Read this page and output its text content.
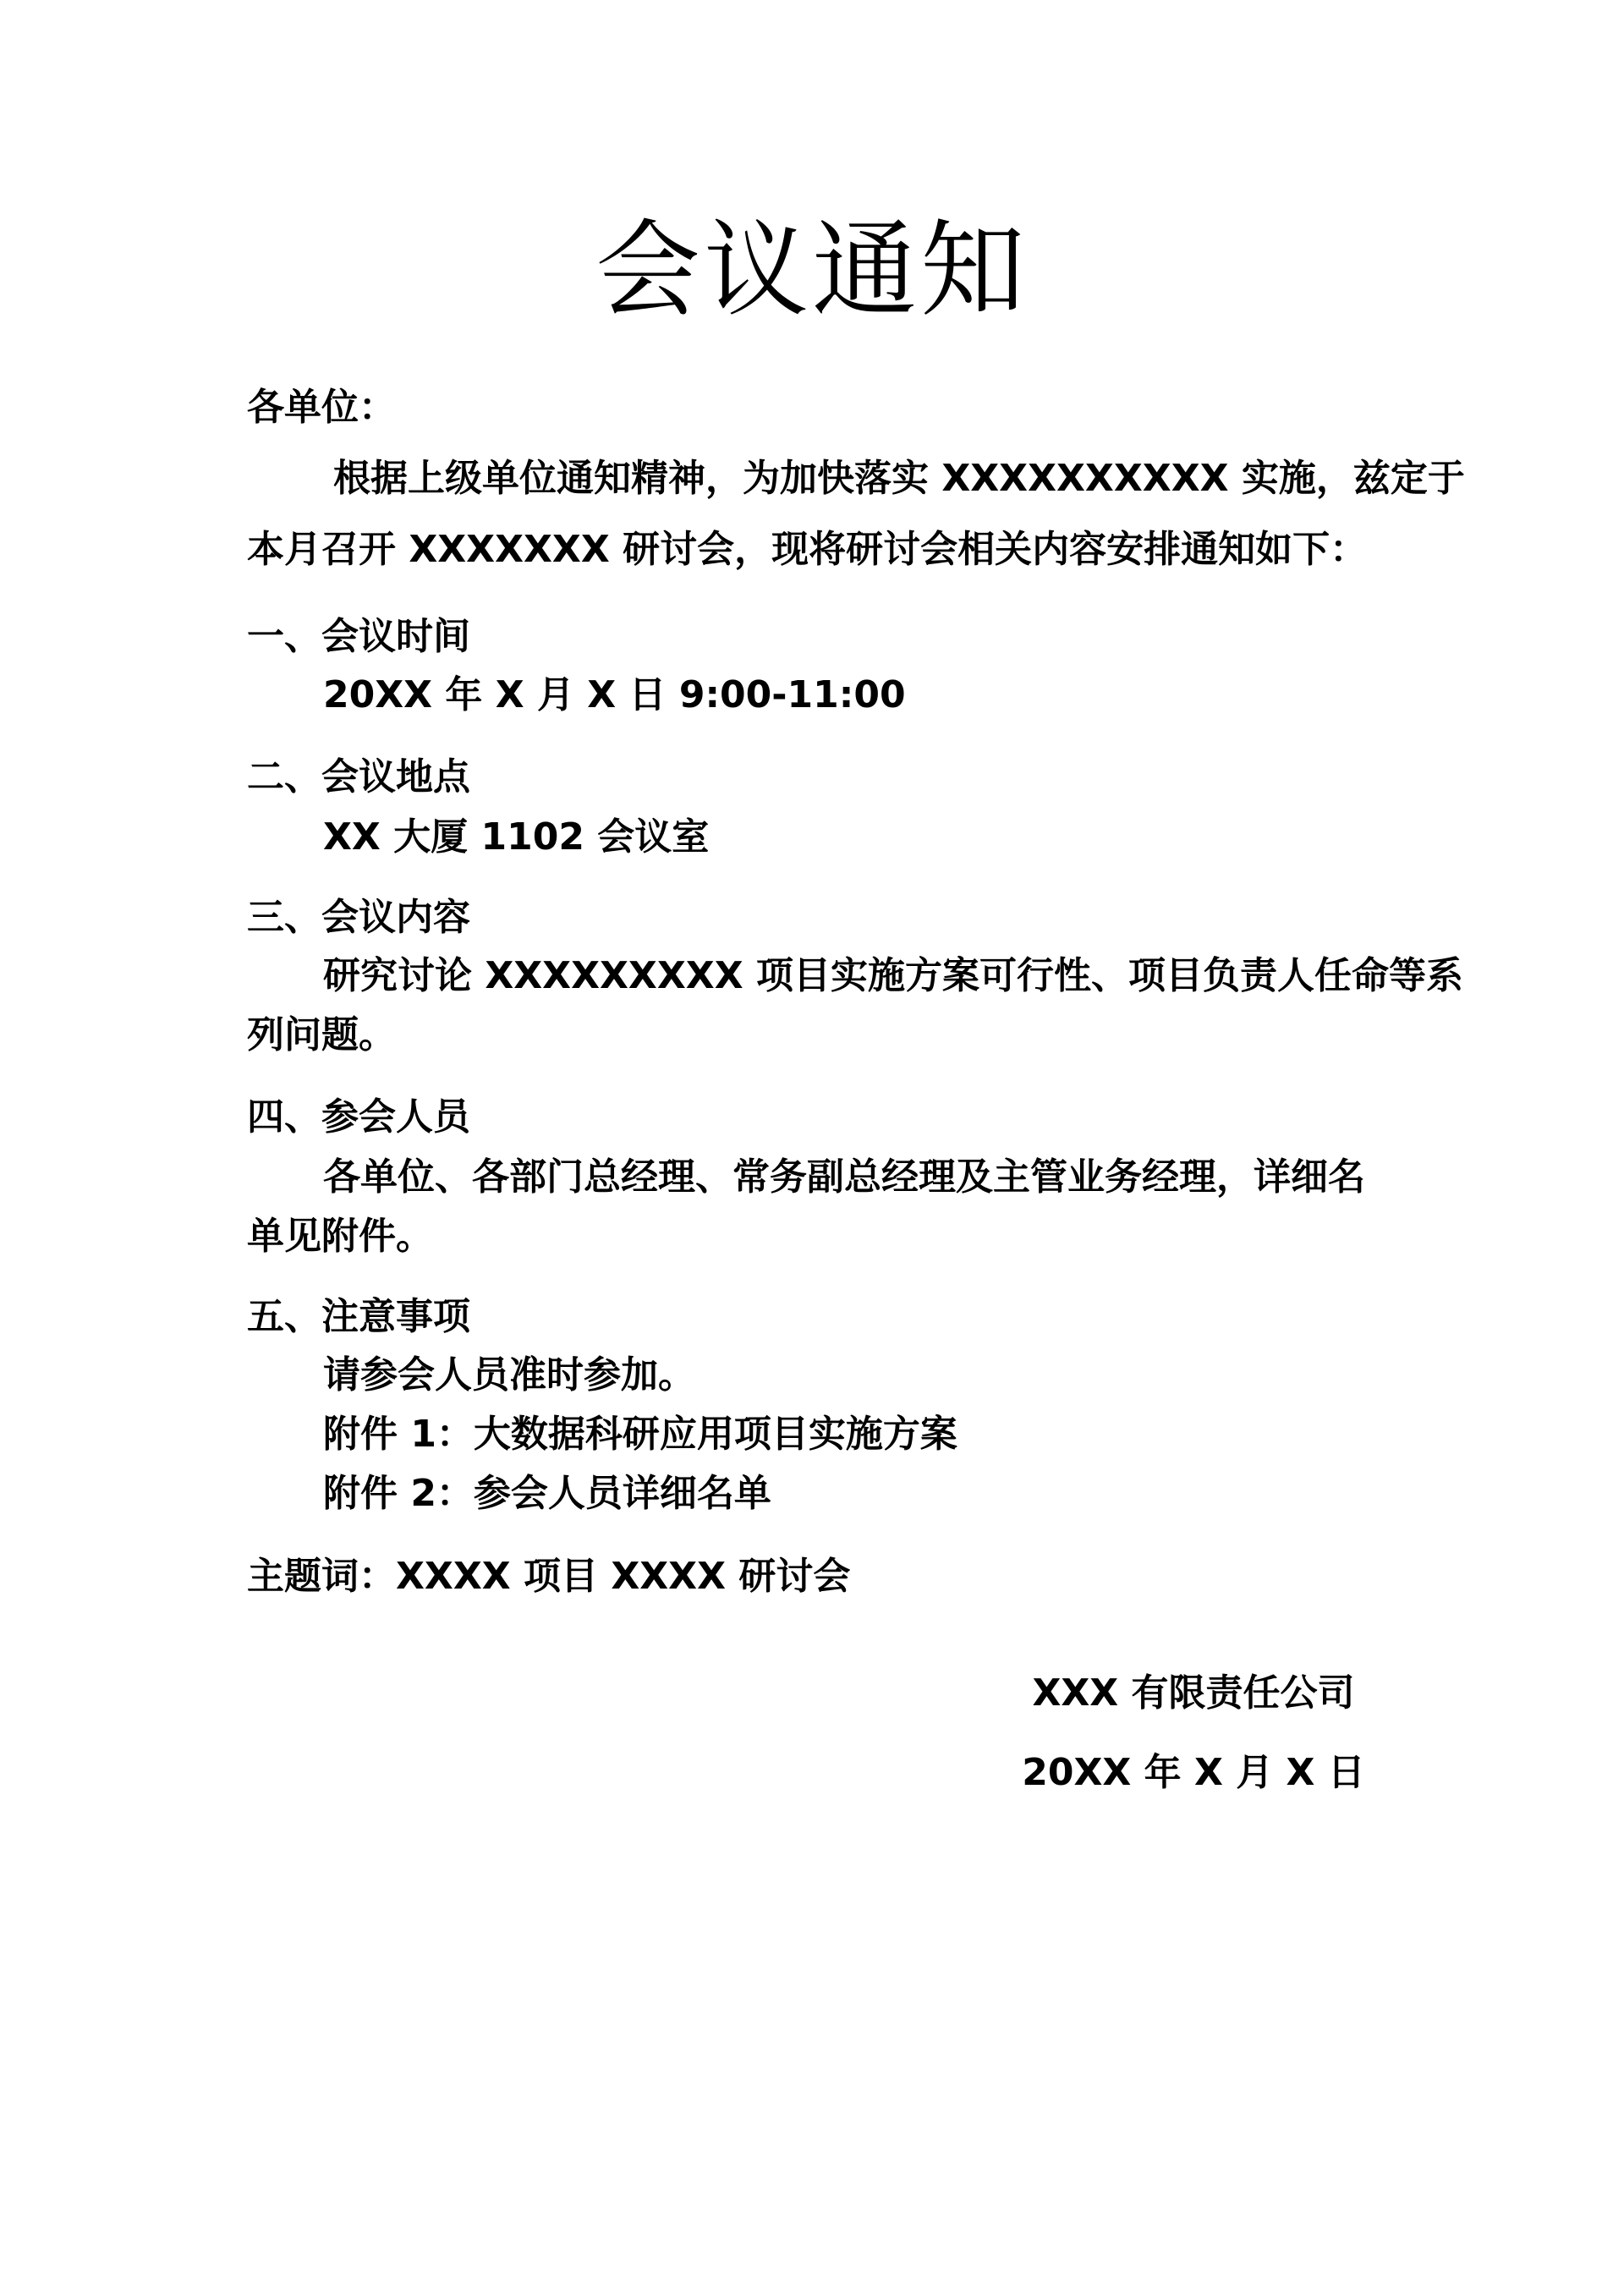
会议通知
各单位：
根据上级单位通知精神，为加快落实 XXXXXXXXXX 实施，兹定于
本月召开 XXXXXXX 研讨会，现将研讨会相关内容安排通知如下：
一、会议时间
20XX 年 X 月 X 日 9:00-11:00
二、会议地点
XX 大厦 1102 会议室
三、会议内容
研究讨论 XXXXXXXXX 项目实施方案可行性、项目负责人任命等系
列问题。
四、参会人员
各单位、各部门总经理、常务副总经理及主管业务经理，详细名
单见附件。
五、注意事项
请参会人员准时参加。
附件 1：大数据科研应用项目实施方案
附件 2：参会人员详细名单
主题词：XXXX 项目 XXXX 研讨会
XXX 有限责任公司
20XX 年 X 月 X 日
